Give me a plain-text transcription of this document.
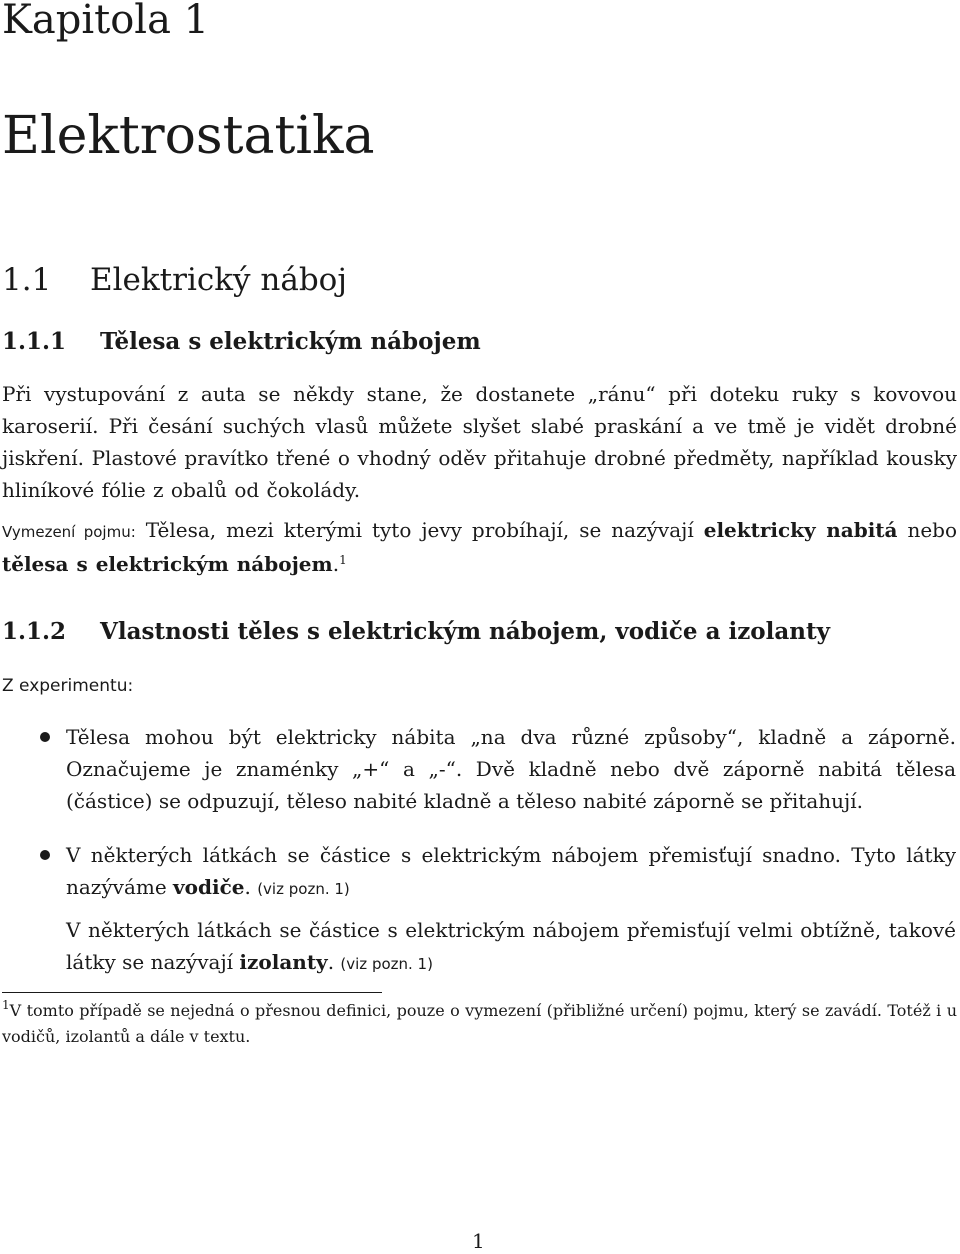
Kapitola 1
Elektrostatika
1.1 Elektrický náboj
1.1.1 Tělesa s elektrickým nábojem

Při vystupování z auta se někdy stane, že dostanete „ránu“ při doteku ruky s kovovou karoserií. Při česání suchých vlasů můžete slyšet slabé praskání a ve tmě je vidět drobné jiskření. Plastové pravítko třené o vhodný oděv přitahuje drobné předměty, například kousky hliníkové fólie z obalů od čokolády.

Vymezení pojmu: Tělesa, mezi kterými tyto jevy probíhají, se nazývají elektricky nabitá nebo tělesa s elektrickým nábojem.$^1$

1.1.2 Vlastnosti těles s elektrickým nábojem, vodiče a izolanty

Z experimentu:

Tělesa mohou být elektricky nábita „na dva různé způsoby“, kladně a záporně. Označujeme je znaménky „+“ a „-“. Dvě kladně nebo dvě záporně nabitá tělesa (částice) se odpuzují, těleso nabité kladně a těleso nabité záporně se přitahují.

V některých látkách se částice s elektrickým nábojem přemisťují snadno. Tyto látky nazýváme vodiče. (viz pozn. 1)

V některých látkách se částice s elektrickým nábojem přemisťují velmi obtížně, takové látky se nazývají izolanty. (viz pozn. 1)

$^1$V tomto případě se nejedná o přesnou definici, pouze o vymezení (přibližné určení) pojmu, který se zavádí. Totéž i u vodičů, izolantů a dále v textu.

1
